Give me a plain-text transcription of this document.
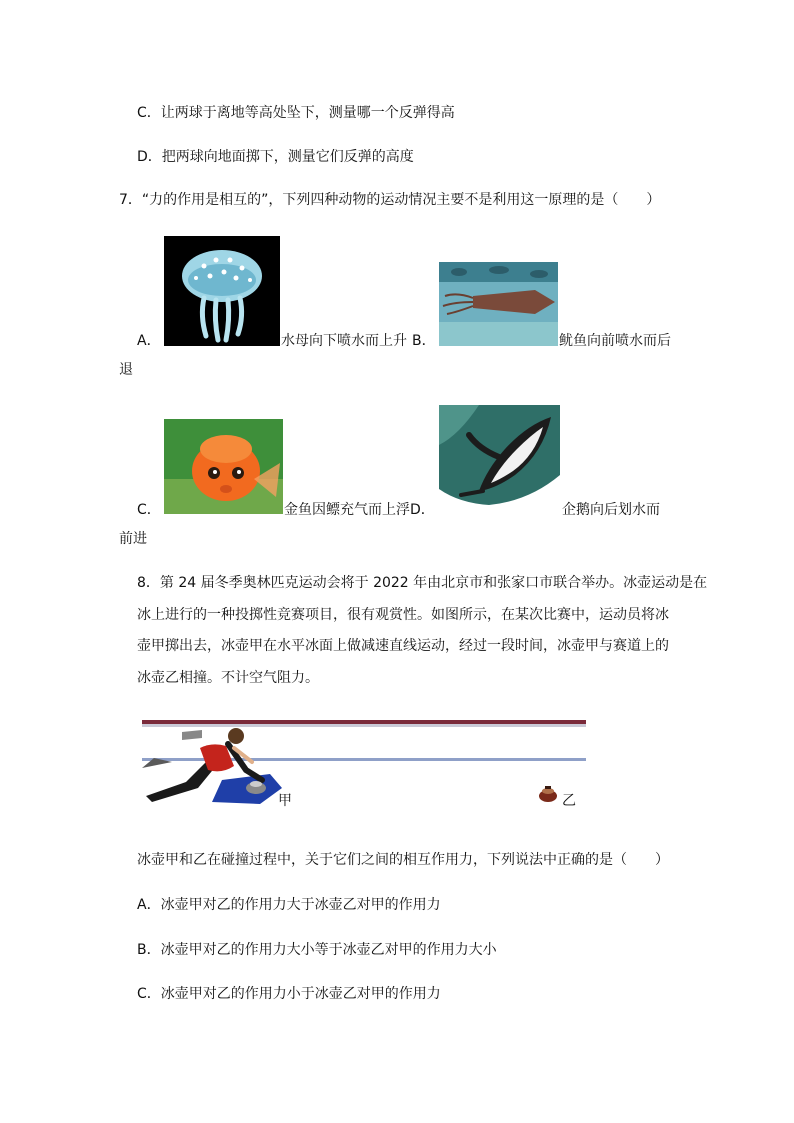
C．让两球于离地等高处坠下，测量哪一个反弹得高
D．把两球向地面掷下，测量它们反弹的高度
7．“力的作用是相互的”，下列四种动物的运动情况主要不是利用这一原理的是（　　）
A．	水母向下喷水而上升 B．	鱿鱼向前喷水而后
退
C．	金鱼因鳔充气而上浮 D．	企鹅向后划水而
前进
8．第 24 届冬季奥林匹克运动会将于 2022 年由北京市和张家口市联合举办。冰壶运动是在
冰上进行的一种投掷性竞赛项目，很有观赏性。如图所示，在某次比赛中，运动员将冰
壶甲掷出去，冰壶甲在水平冰面上做减速直线运动，经过一段时间，冰壶甲与赛道上的
冰壶乙相撞。不计空气阻力。
甲	乙
冰壶甲和乙在碰撞过程中，关于它们之间的相互作用力，下列说法中正确的是（　　）
A．冰壶甲对乙的作用力大于冰壶乙对甲的作用力
B．冰壶甲对乙的作用力大小等于冰壶乙对甲的作用力大小
C．冰壶甲对乙的作用力小于冰壶乙对甲的作用力
